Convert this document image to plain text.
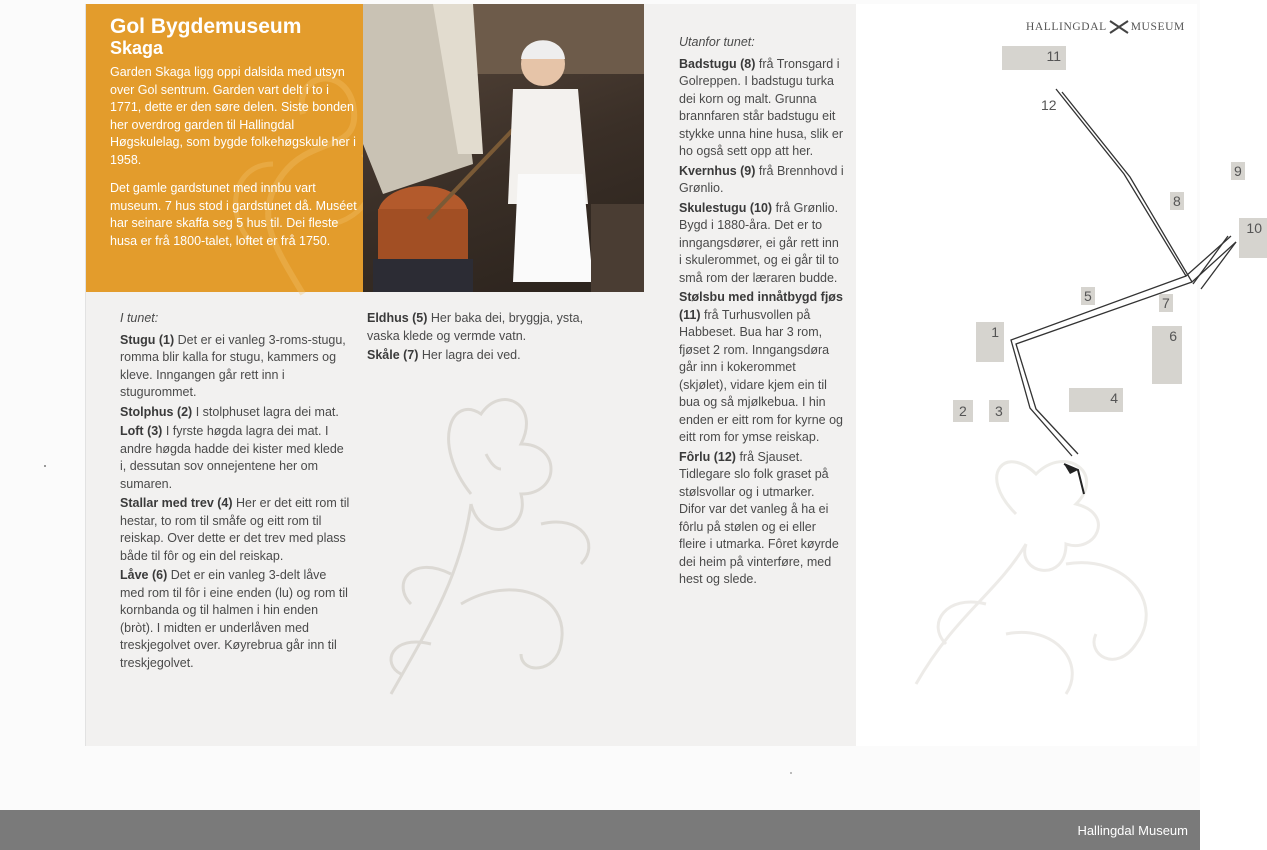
Gol Bygdemuseum
Skaga

Garden Skaga ligg oppi dalsida med utsyn over Gol sentrum. Garden vart delt i to i 1771, dette er den søre delen. Siste bonden her overdrog garden til Hallingdal Høgskulelag, som bygde folkehøgskule her i 1958.

Det gamle gardstunet med innbu vart museum. 7 hus stod i gardstunet då. Muséet har seinare skaffa seg 5 hus til. Dei fleste husa er frå 1800-talet, loftet er frå 1750.

I tunet:

Stugu (1) Det er ei vanleg 3-roms-stugu, romma blir kalla for stugu, kammers og kleve. Inngangen går rett inn i stugurommet.

Stolphus (2) I stolphuset lagra dei mat.

Loft (3) I fyrste høgda lagra dei mat. I andre høgda hadde dei kister med klede i, dessutan sov onnejentene her om sumaren.

Stallar med trev (4) Her er det eitt rom til hestar, to rom til småfe og eitt rom til reiskap. Over dette er det trev med plass både til fôr og ein del reiskap.

Låve (6) Det er ein vanleg 3-delt låve med rom til fôr i eine enden (lu) og rom til kornbanda og til halmen i hin enden (bròt). I midten er underlåven med treskjegolvet over. Køyrebrua går inn til treskjegolvet.

Eldhus (5) Her baka dei, bryggja, ysta, vaska klede og vermde vatn.

Skåle (7) Her lagra dei ved.

Utanfor tunet:

Badstugu (8) frå Tronsgard i Golreppen. I badstugu turka dei korn og malt. Grunna brannfaren står badstugu eit stykke unna hine husa, slik er ho også sett opp att her.

Kvernhus (9) frå Brennhovd i Grønlio.

Skulestugu (10) frå Grønlio. Bygd i 1880-åra. Det er to inngangsdører, ei går rett inn i skulerommet, og ei går til to små rom der læraren budde.

Stølsbu med innåtbygd fjøs (11) frå Turhusvollen på Habbeset. Bua har 3 rom, fjøset 2 rom. Inngangsdøra går inn i kokerommet (skjølet), vidare kjem ein til bua og så mjølkebua. I hin enden er eitt rom for kyrne og eitt rom for ymse reiskap.

Fôrlu (12) frå Sjauset. Tidlegare slo folk graset på stølsvollar og i utmarker. Difor var det vanleg å ha ei fôrlu på stølen og ei eller fleire i utmarka. Fôret køyrde dei heim på vinterføre, med hest og slede.

HALLINGDAL MUSEUM
11
12
9
8
10
5	7
6
1
2	3
4
Hallingdal Museum
